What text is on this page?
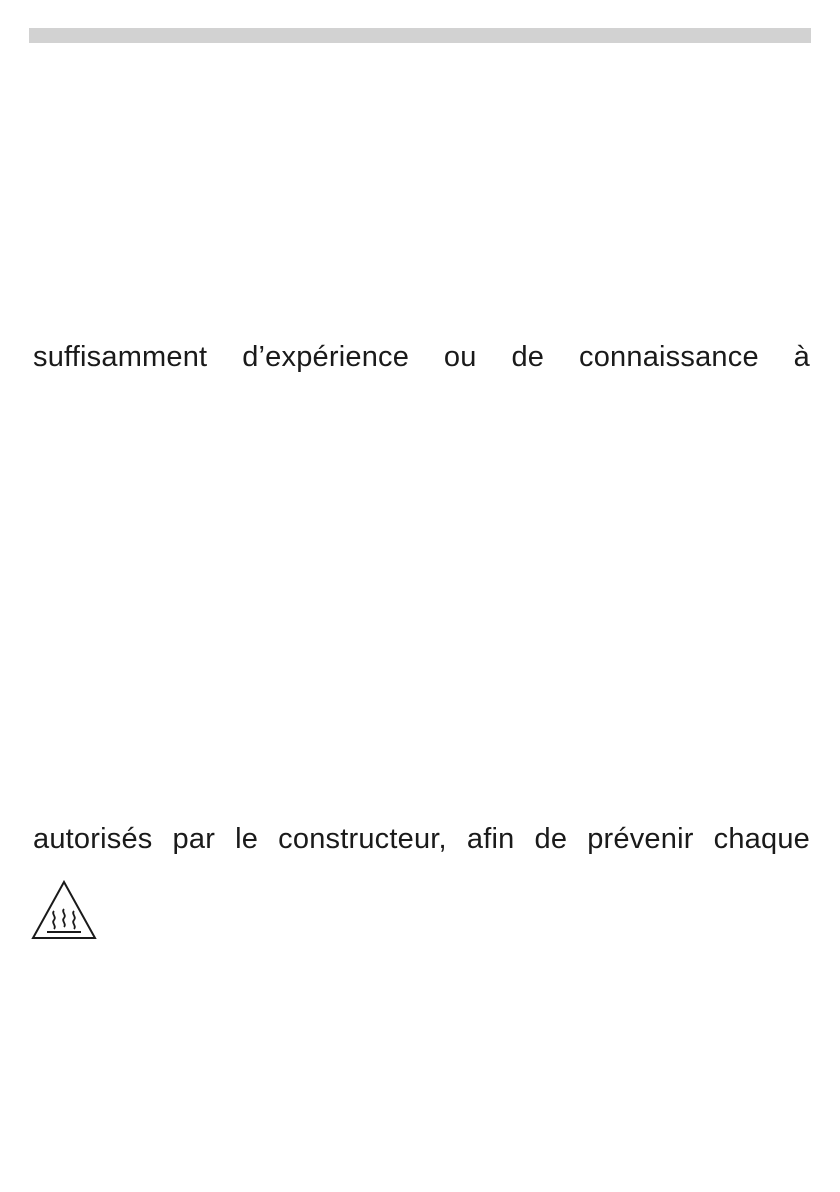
suffisamment d’expérience ou de connaissance à
autorisés par le constructeur, afin de prévenir chaque
